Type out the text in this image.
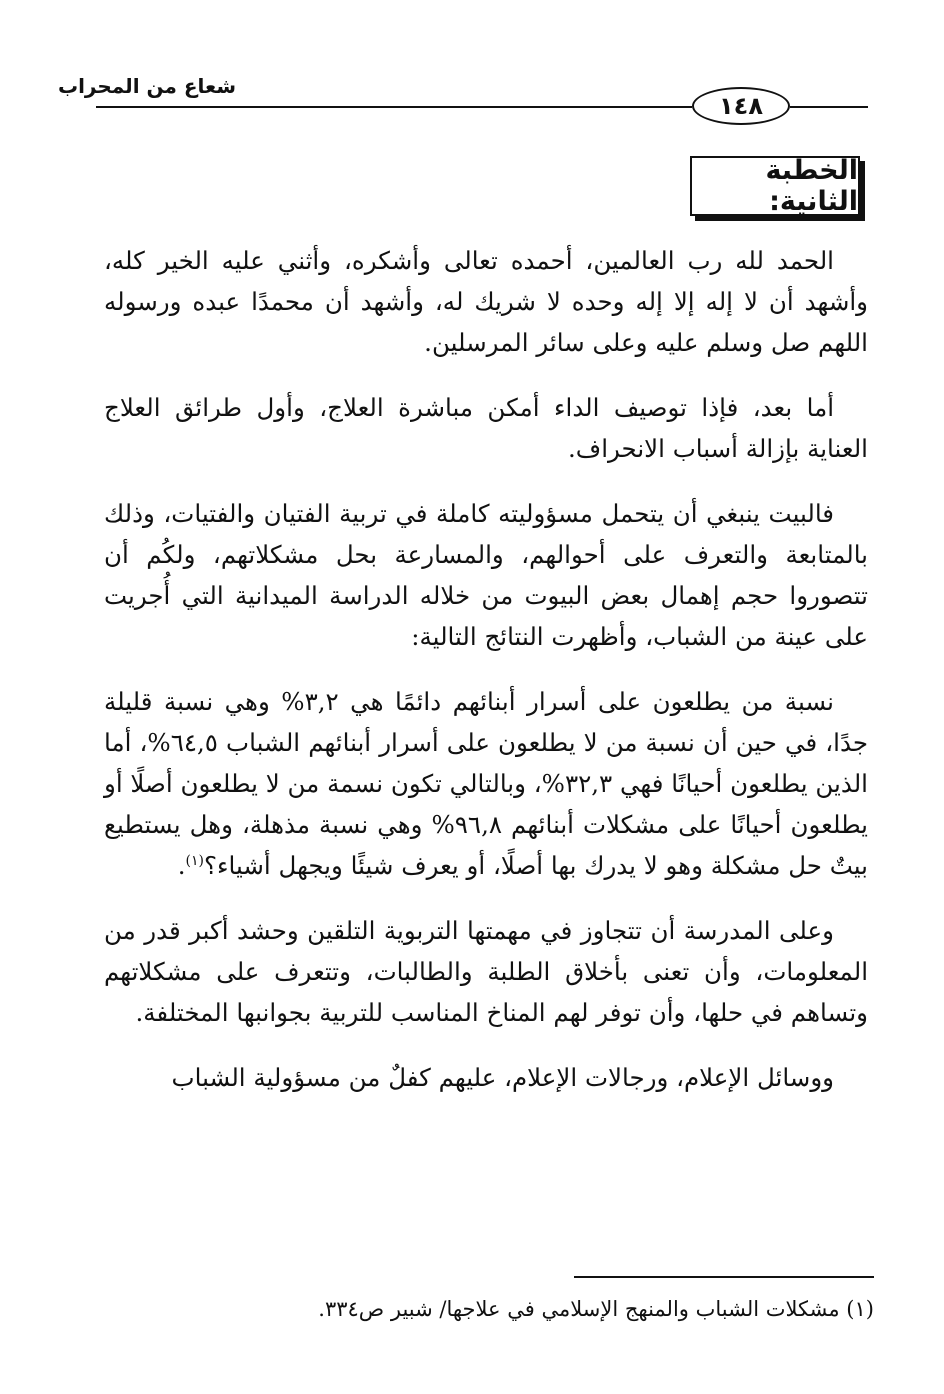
شعاع من المحراب
١٤٨
الخطبة الثانية:

الحمد لله رب العالمين، أحمده تعالى وأشكره، وأثني عليه الخير كله، وأشهد أن لا إله إلا إله وحده لا شريك له، وأشهد أن محمدًا عبده ورسوله اللهم صل وسلم عليه وعلى سائر المرسلين.

أما بعد، فإذا توصيف الداء أمكن مباشرة العلاج، وأول طرائق العلاج العناية بإزالة أسباب الانحراف.

فالبيت ينبغي أن يتحمل مسؤوليته كاملة في تربية الفتيان والفتيات، وذلك بالمتابعة والتعرف على أحوالهم، والمسارعة بحل مشكلاتهم، ولكُم أن تتصوروا حجم إهمال بعض البيوت من خلاله الدراسة الميدانية التي أُجريت على عينة من الشباب، وأظهرت النتائج التالية:

نسبة من يطلعون على أسرار أبنائهم دائمًا هي ٣,٢% وهي نسبة قليلة جدًا، في حين أن نسبة من لا يطلعون على أسرار أبنائهم الشباب ٦٤,٥%، أما الذين يطلعون أحيانًا فهي ٣٢,٣%، وبالتالي تكون نسمة من لا يطلعون أصلًا أو يطلعون أحيانًا على مشكلات أبنائهم ٩٦,٨% وهي نسبة مذهلة، وهل يستطيع بيتٌ حل مشكلة وهو لا يدرك بها أصلًا، أو يعرف شيئًا ويجهل أشياء؟$^{(١)}$.

وعلى المدرسة أن تتجاوز في مهمتها التربوية التلقين وحشد أكبر قدر من المعلومات، وأن تعنى بأخلاق الطلبة والطالبات، وتتعرف على مشكلاتهم وتساهم في حلها، وأن توفر لهم المناخ المناسب للتربية بجوانبها المختلفة.

ووسائل الإعلام، ورجالات الإعلام، عليهم كفلٌ من مسؤولية الشباب

(١) مشكلات الشباب والمنهج الإسلامي في علاجها/ شبير ص٣٣٤.
